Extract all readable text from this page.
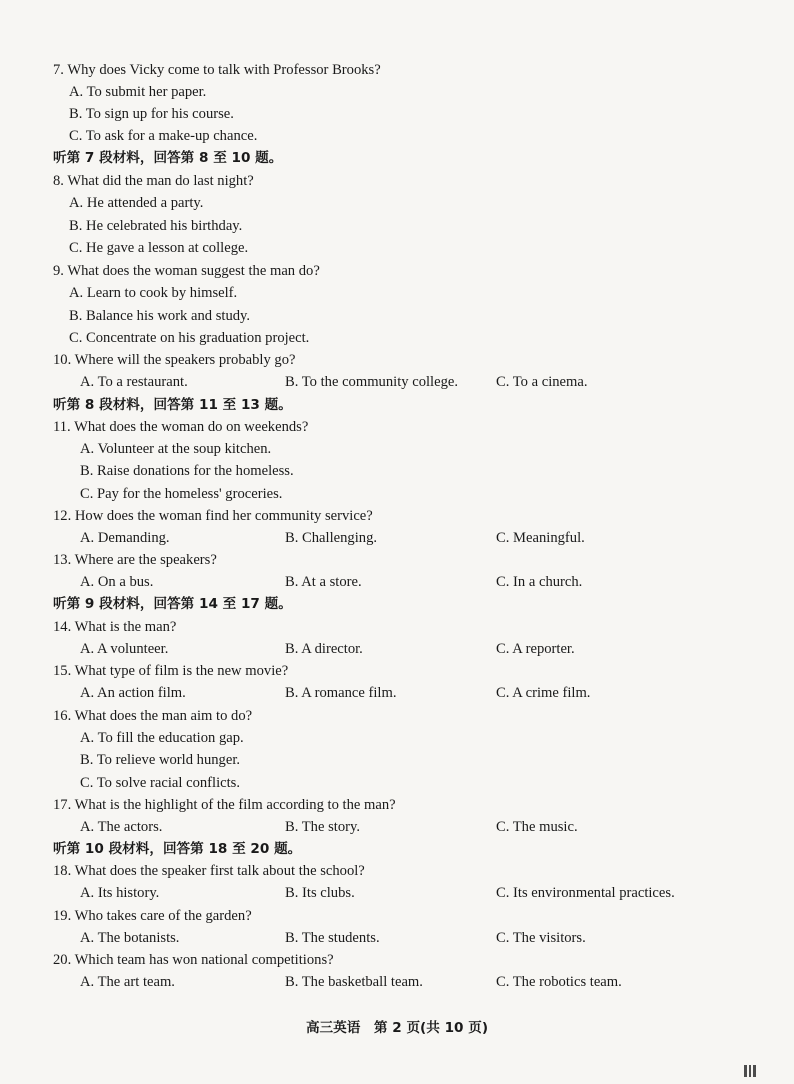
7. Why does Vicky come to talk with Professor Brooks?
A. To submit her paper.
B. To sign up for his course.
C. To ask for a make-up chance.
听第 7 段材料，回答第 8 至 10 题。
8. What did the man do last night?
A. He attended a party.
B. He celebrated his birthday.
C. He gave a lesson at college.
9. What does the woman suggest the man do?
A. Learn to cook by himself.
B. Balance his work and study.
C. Concentrate on his graduation project.
10. Where will the speakers probably go?
A. To a restaurant.	B. To the community college.	C. To a cinema.
听第 8 段材料，回答第 11 至 13 题。
11. What does the woman do on weekends?
A. Volunteer at the soup kitchen.
B. Raise donations for the homeless.
C. Pay for the homeless' groceries.
12. How does the woman find her community service?
A. Demanding.	B. Challenging.	C. Meaningful.
13. Where are the speakers?
A. On a bus.	B. At a store.	C. In a church.
听第 9 段材料，回答第 14 至 17 题。
14. What is the man?
A. A volunteer.	B. A director.	C. A reporter.
15. What type of film is the new movie?
A. An action film.	B. A romance film.	C. A crime film.
16. What does the man aim to do?
A. To fill the education gap.
B. To relieve world hunger.
C. To solve racial conflicts.
17. What is the highlight of the film according to the man?
A. The actors.	B. The story.	C. The music.
听第 10 段材料，回答第 18 至 20 题。
18. What does the speaker first talk about the school?
A. Its history.	B. Its clubs.	C. Its environmental practices.
19. Who takes care of the garden?
A. The botanists.	B. The students.	C. The visitors.
20. Which team has won national competitions?
A. The art team.	B. The basketball team.	C. The robotics team.
高三英语　第 2 页(共 10 页)
